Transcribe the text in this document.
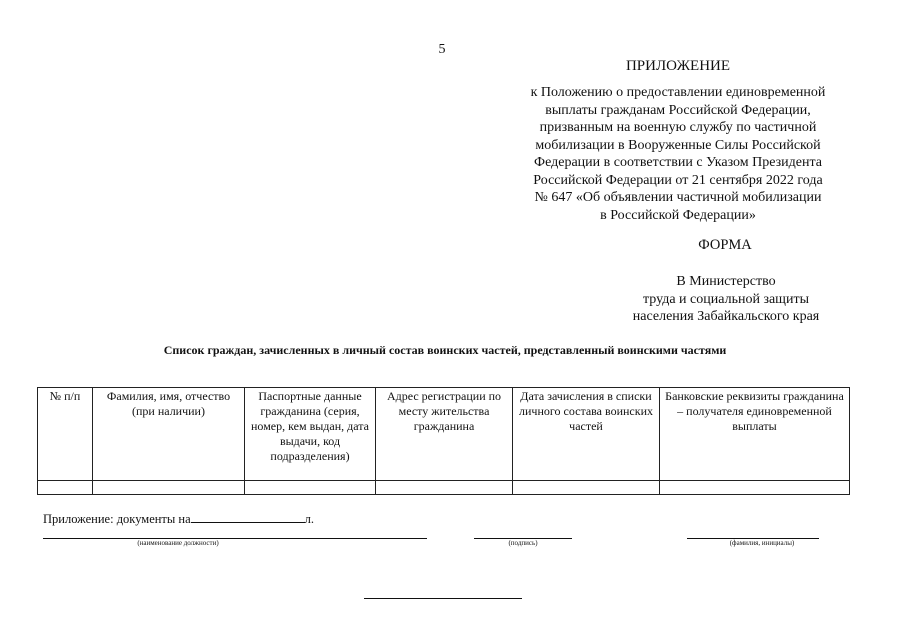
5
ПРИЛОЖЕНИЕ
к Положению о предоставлении единовременной
выплаты гражданам Российской Федерации,
призванным на военную службу по частичной
мобилизации в Вооруженные Силы Российской
Федерации в соответствии с Указом Президента
Российской Федерации от 21 сентября 2022 года
№ 647 «Об объявлении частичной мобилизации
в Российской Федерации»
ФОРМА
В Министерство
труда и социальной защиты
населения Забайкальского края
Список граждан, зачисленных в личный состав воинских частей, представленный воинскими частями
№ п/п	Фамилия, имя, отчество (при наличии)	Паспортные данные гражданина (серия, номер, кем выдан, дата выдачи, код подразделения)	Адрес регистрации по месту жительства гражданина	Дата зачисления в списки личного состава воинских частей	Банковские реквизиты гражданина – получателя единовременной выплаты

Приложение: документы на	л.
(наименование должности)	(подпись)	(фамилия, инициалы)
